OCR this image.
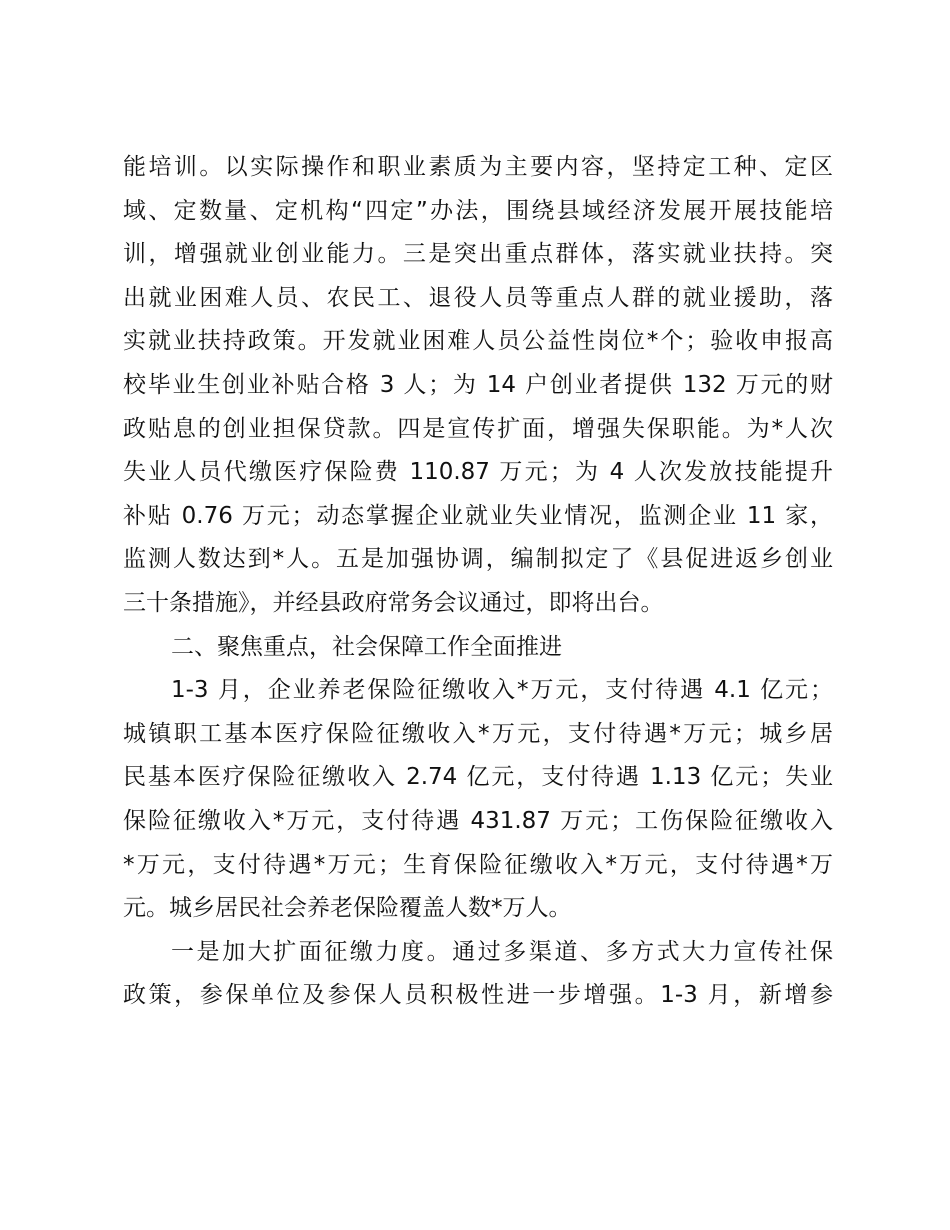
能培训。以实际操作和职业素质为主要内容，坚持定工种、定区
域、定数量、定机构“四定”办法，围绕县域经济发展开展技能培
训，增强就业创业能力。三是突出重点群体，落实就业扶持。突
出就业困难人员、农民工、退役人员等重点人群的就业援助，落
实就业扶持政策。开发就业困难人员公益性岗位*个；验收申报高
校毕业生创业补贴合格 3 人；为 14 户创业者提供 132 万元的财
政贴息的创业担保贷款。四是宣传扩面，增强失保职能。为*人次
失业人员代缴医疗保险费 110.87 万元；为 4 人次发放技能提升
补贴 0.76 万元；动态掌握企业就业失业情况，监测企业 11 家，
监测人数达到*人。五是加强协调，编制拟定了《县促进返乡创业
三十条措施》，并经县政府常务会议通过，即将出台。
二、聚焦重点，社会保障工作全面推进
1-3 月，企业养老保险征缴收入*万元，支付待遇 4.1 亿元；
城镇职工基本医疗保险征缴收入*万元，支付待遇*万元；城乡居
民基本医疗保险征缴收入 2.74 亿元，支付待遇 1.13 亿元；失业
保险征缴收入*万元，支付待遇 431.87 万元；工伤保险征缴收入
*万元，支付待遇*万元；生育保险征缴收入*万元，支付待遇*万
元。城乡居民社会养老保险覆盖人数*万人。
一是加大扩面征缴力度。通过多渠道、多方式大力宣传社保
政策，参保单位及参保人员积极性进一步增强。1-3 月，新增参
